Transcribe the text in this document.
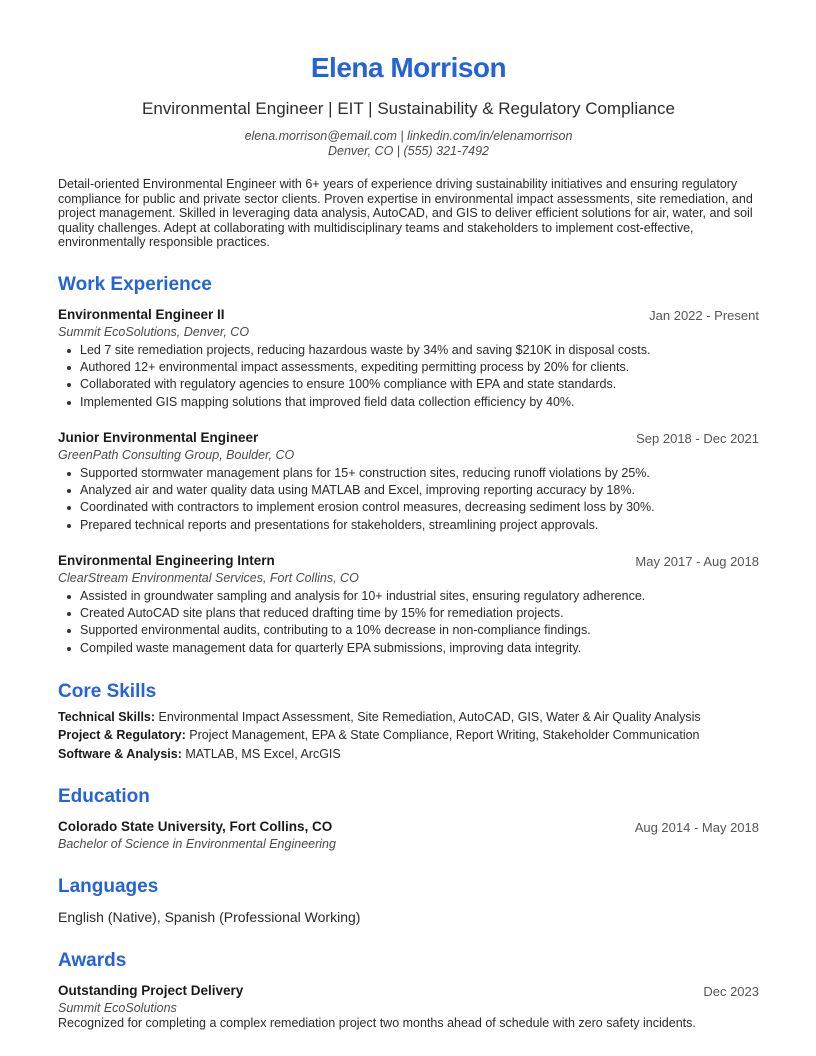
Elena Morrison
Environmental Engineer | EIT | Sustainability & Regulatory Compliance
elena.morrison@email.com | linkedin.com/in/elenamorrison
Denver, CO | (555) 321-7492
Detail-oriented Environmental Engineer with 6+ years of experience driving sustainability initiatives and ensuring regulatory compliance for public and private sector clients. Proven expertise in environmental impact assessments, site remediation, and project management. Skilled in leveraging data analysis, AutoCAD, and GIS to deliver efficient solutions for air, water, and soil quality challenges. Adept at collaborating with multidisciplinary teams and stakeholders to implement cost-effective, environmentally responsible practices.
Work Experience
Environmental Engineer II	Jan 2022 - Present
Summit EcoSolutions, Denver, CO
Led 7 site remediation projects, reducing hazardous waste by 34% and saving $210K in disposal costs.
Authored 12+ environmental impact assessments, expediting permitting process by 20% for clients.
Collaborated with regulatory agencies to ensure 100% compliance with EPA and state standards.
Implemented GIS mapping solutions that improved field data collection efficiency by 40%.
Junior Environmental Engineer	Sep 2018 - Dec 2021
GreenPath Consulting Group, Boulder, CO
Supported stormwater management plans for 15+ construction sites, reducing runoff violations by 25%.
Analyzed air and water quality data using MATLAB and Excel, improving reporting accuracy by 18%.
Coordinated with contractors to implement erosion control measures, decreasing sediment loss by 30%.
Prepared technical reports and presentations for stakeholders, streamlining project approvals.
Environmental Engineering Intern	May 2017 - Aug 2018
ClearStream Environmental Services, Fort Collins, CO
Assisted in groundwater sampling and analysis for 10+ industrial sites, ensuring regulatory adherence.
Created AutoCAD site plans that reduced drafting time by 15% for remediation projects.
Supported environmental audits, contributing to a 10% decrease in non-compliance findings.
Compiled waste management data for quarterly EPA submissions, improving data integrity.
Core Skills
Technical Skills: Environmental Impact Assessment, Site Remediation, AutoCAD, GIS, Water & Air Quality Analysis
Project & Regulatory: Project Management, EPA & State Compliance, Report Writing, Stakeholder Communication
Software & Analysis: MATLAB, MS Excel, ArcGIS
Education
Colorado State University, Fort Collins, CO	Aug 2014 - May 2018
Bachelor of Science in Environmental Engineering
Languages
English (Native), Spanish (Professional Working)
Awards
Outstanding Project Delivery	Dec 2023
Summit EcoSolutions
Recognized for completing a complex remediation project two months ahead of schedule with zero safety incidents.
